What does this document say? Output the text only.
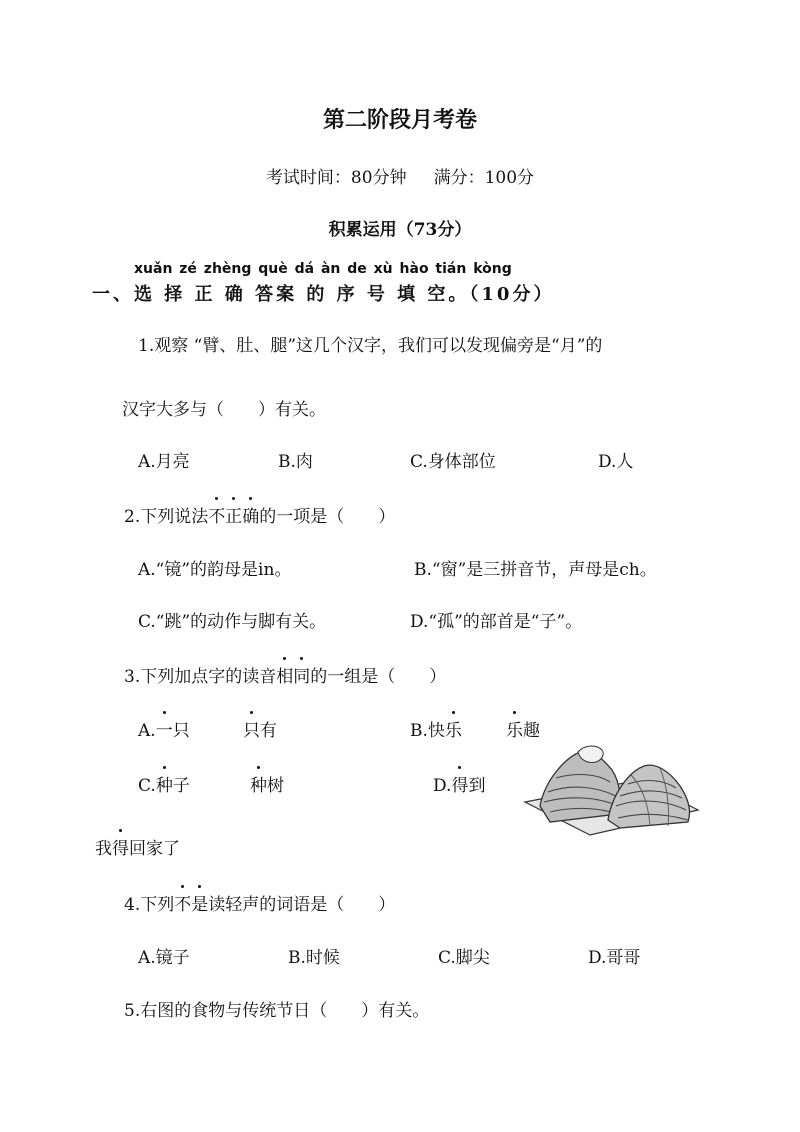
第二阶段月考卷
考试时间：80分钟     满分：100分
积累运用（73分）
xuǎn zé zhèng què dá àn de xù hào tián kòng
一、选 择 正 确 答案 的 序 号 填 空。（10分）
1.观察 “臂、肚、腿”这几个汉字，我们可以发现偏旁是“月”的
汉字大多与（　　）有关。
A.月亮	B.肉	C.身体部位	D.人
2.下列说法 不 正 确 的一项是（　　）
A.“镜”的韵母是in。	B.“窗”是三拼音节，声母是ch。
C.“跳”的动作与脚有关。	D.“孤”的部首是“子”。
3.下列加点字的读音 相 同 的一组是（　　）
A.一只	只有	B.快乐	乐趣
C.种子	种树	D.得到
我得回家了
4.下列 不 是 读轻声的词语是（　　）
A.镜子	B.时候	C.脚尖	D.哥哥
5.右图的食物与传统节日（　　）有关。
